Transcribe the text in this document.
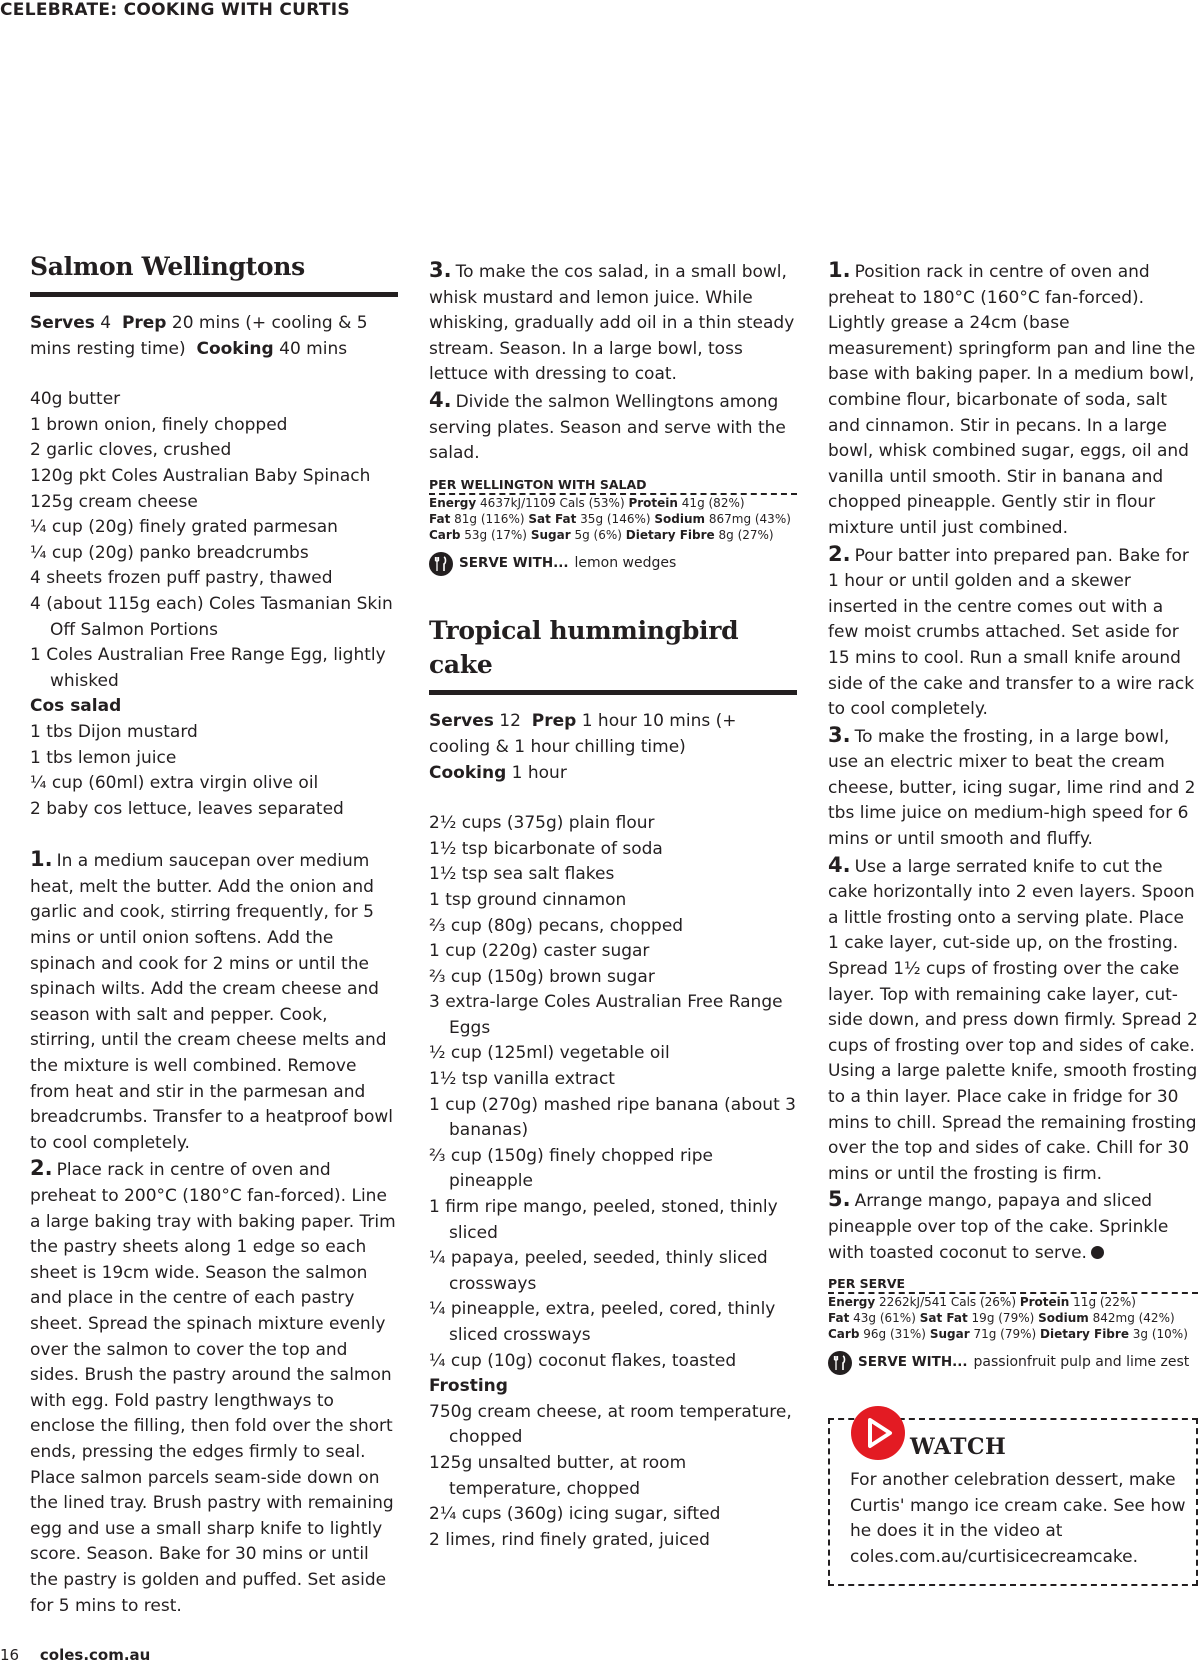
CELEBRATE: COOKING WITH CURTIS
Salmon Wellingtons
Serves 4 Prep 20 mins (+ cooling & 5 mins resting time) Cooking 40 mins
40g butter
1 brown onion, finely chopped
2 garlic cloves, crushed
120g pkt Coles Australian Baby Spinach
125g cream cheese
¼ cup (20g) finely grated parmesan
¼ cup (20g) panko breadcrumbs
4 sheets frozen puff pastry, thawed
4 (about 115g each) Coles Tasmanian Skin Off Salmon Portions
1 Coles Australian Free Range Egg, lightly whisked
Cos salad
1 tbs Dijon mustard
1 tbs lemon juice
¼ cup (60ml) extra virgin olive oil
2 baby cos lettuce, leaves separated
1. In a medium saucepan over medium heat, melt the butter. Add the onion and garlic and cook, stirring frequently, for 5 mins or until onion softens. Add the spinach and cook for 2 mins or until the spinach wilts. Add the cream cheese and season with salt and pepper. Cook, stirring, until the cream cheese melts and the mixture is well combined. Remove from heat and stir in the parmesan and breadcrumbs. Transfer to a heatproof bowl to cool completely.
2. Place rack in centre of oven and preheat to 200°C (180°C fan-forced). Line a large baking tray with baking paper. Trim the pastry sheets along 1 edge so each sheet is 19cm wide. Season the salmon and place in the centre of each pastry sheet. Spread the spinach mixture evenly over the salmon to cover the top and sides. Brush the pastry around the salmon with egg. Fold pastry lengthways to enclose the filling, then fold over the short ends, pressing the edges firmly to seal. Place salmon parcels seam-side down on the lined tray. Brush pastry with remaining egg and use a small sharp knife to lightly score. Season. Bake for 30 mins or until the pastry is golden and puffed. Set aside for 5 mins to rest.
3. To make the cos salad, in a small bowl, whisk mustard and lemon juice. While whisking, gradually add oil in a thin steady stream. Season. In a large bowl, toss lettuce with dressing to coat.
4. Divide the salmon Wellingtons among serving plates. Season and serve with the salad.
PER WELLINGTON WITH SALAD
Energy 4637kJ/1109 Cals (53%) Protein 41g (82%)
Fat 81g (116%) Sat Fat 35g (146%) Sodium 867mg (43%)
Carb 53g (17%) Sugar 5g (6%) Dietary Fibre 8g (27%)
SERVE WITH... lemon wedges
Tropical hummingbird cake
Serves 12 Prep 1 hour 10 mins (+ cooling & 1 hour chilling time)
Cooking 1 hour
2½ cups (375g) plain flour
1½ tsp bicarbonate of soda
1½ tsp sea salt flakes
1 tsp ground cinnamon
⅔ cup (80g) pecans, chopped
1 cup (220g) caster sugar
⅔ cup (150g) brown sugar
3 extra-large Coles Australian Free Range Eggs
½ cup (125ml) vegetable oil
1½ tsp vanilla extract
1 cup (270g) mashed ripe banana (about 3 bananas)
⅔ cup (150g) finely chopped ripe pineapple
1 firm ripe mango, peeled, stoned, thinly sliced
¼ papaya, peeled, seeded, thinly sliced crossways
¼ pineapple, extra, peeled, cored, thinly sliced crossways
¼ cup (10g) coconut flakes, toasted
Frosting
750g cream cheese, at room temperature, chopped
125g unsalted butter, at room temperature, chopped
2¼ cups (360g) icing sugar, sifted
2 limes, rind finely grated, juiced
1. Position rack in centre of oven and preheat to 180°C (160°C fan-forced). Lightly grease a 24cm (base measurement) springform pan and line the base with baking paper. In a medium bowl, combine flour, bicarbonate of soda, salt and cinnamon. Stir in pecans. In a large bowl, whisk combined sugar, eggs, oil and vanilla until smooth. Stir in banana and chopped pineapple. Gently stir in flour mixture until just combined.
2. Pour batter into prepared pan. Bake for 1 hour or until golden and a skewer inserted in the centre comes out with a few moist crumbs attached. Set aside for 15 mins to cool. Run a small knife around side of the cake and transfer to a wire rack to cool completely.
3. To make the frosting, in a large bowl, use an electric mixer to beat the cream cheese, butter, icing sugar, lime rind and 2 tbs lime juice on medium-high speed for 6 mins or until smooth and fluffy.
4. Use a large serrated knife to cut the cake horizontally into 2 even layers. Spoon a little frosting onto a serving plate. Place 1 cake layer, cut-side up, on the frosting. Spread 1½ cups of frosting over the cake layer. Top with remaining cake layer, cut-side down, and press down firmly. Spread 2 cups of frosting over top and sides of cake. Using a large palette knife, smooth frosting to a thin layer. Place cake in fridge for 30 mins to chill. Spread the remaining frosting over the top and sides of cake. Chill for 30 mins or until the frosting is firm.
5. Arrange mango, papaya and sliced pineapple over top of the cake. Sprinkle with toasted coconut to serve.
PER SERVE
Energy 2262kJ/541 Cals (26%) Protein 11g (22%)
Fat 43g (61%) Sat Fat 19g (79%) Sodium 842mg (42%)
Carb 96g (31%) Sugar 71g (79%) Dietary Fibre 3g (10%)
SERVE WITH... passionfruit pulp and lime zest
WATCH
For another celebration dessert, make Curtis' mango ice cream cake. See how he does it in the video at coles.com.au/curtisicecreamcake.
16 coles.com.au
